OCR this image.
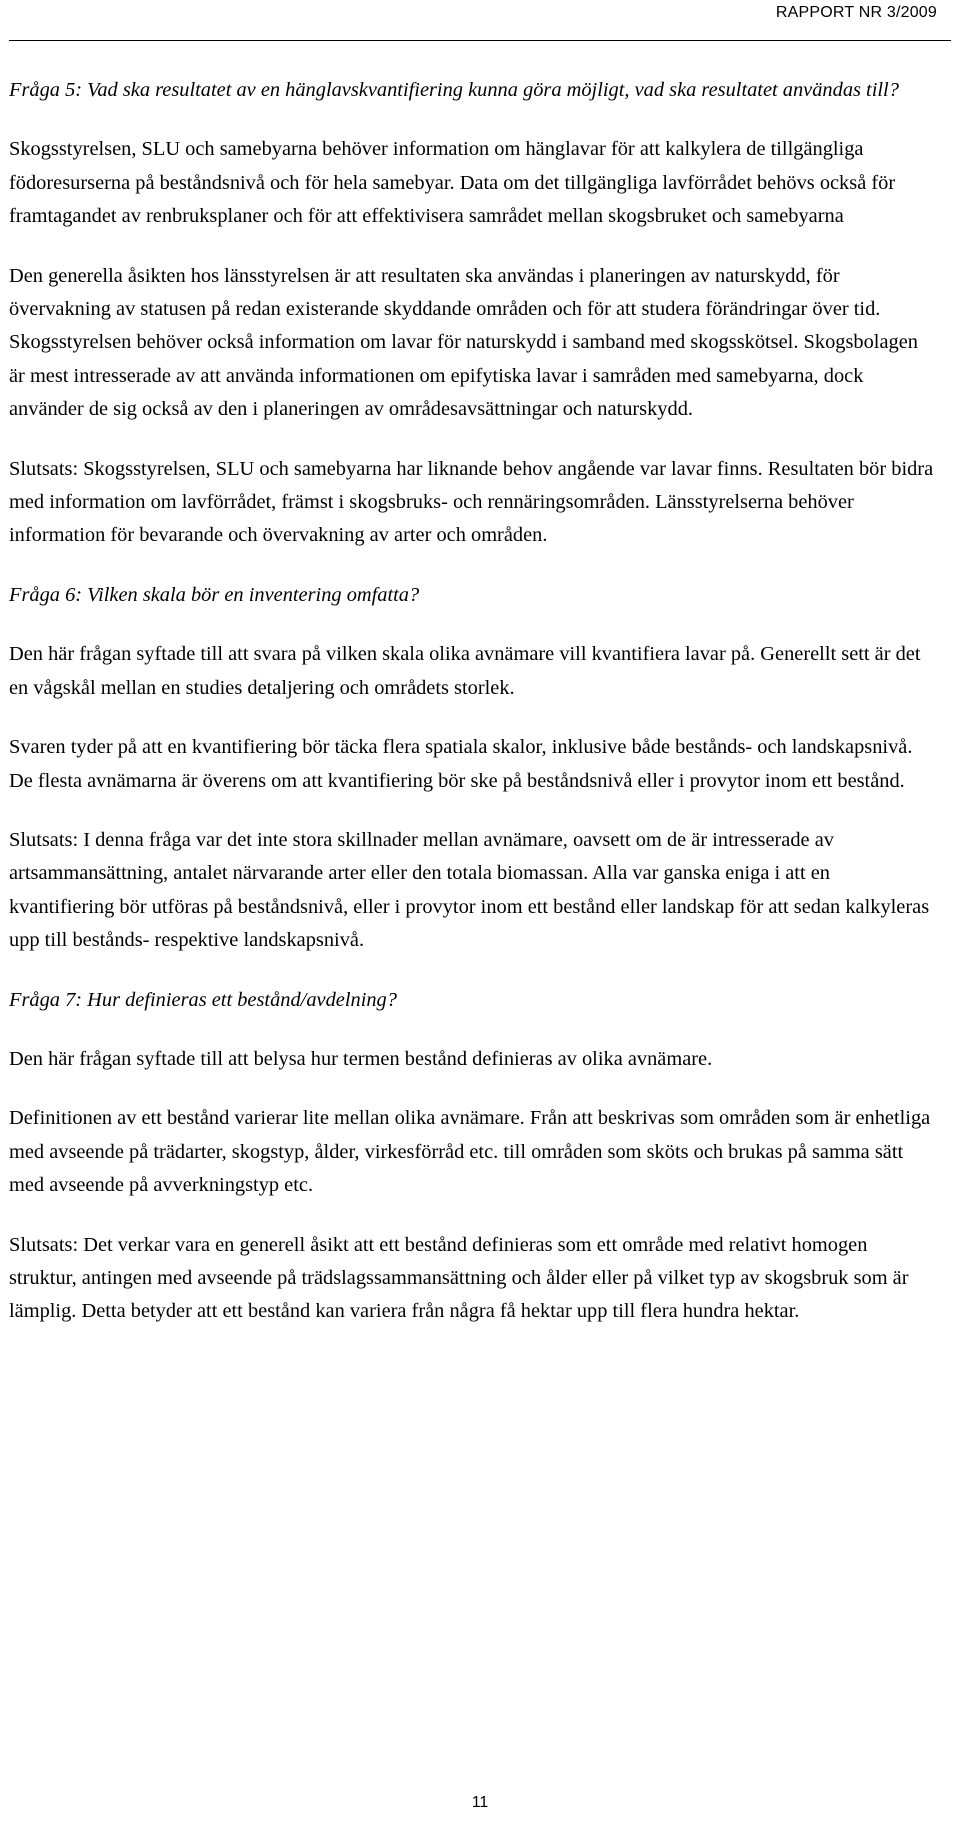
RAPPORT NR 3/2009

Fråga 5: Vad ska resultatet av en hänglavskvantifiering kunna göra möjligt, vad ska resultatet användas till?

Skogsstyrelsen, SLU och samebyarna behöver information om hänglavar för att kalkylera de tillgängliga födoresurserna på beståndsnivå och för hela samebyar. Data om det tillgängliga lavförrådet behövs också för framtagandet av renbruksplaner och för att effektivisera samrådet mellan skogsbruket och samebyarna

Den generella åsikten hos länsstyrelsen är att resultaten ska användas i planeringen av naturskydd, för övervakning av statusen på redan existerande skyddande områden och för att studera förändringar över tid. Skogsstyrelsen behöver också information om lavar för naturskydd i samband med skogsskötsel. Skogsbolagen är mest intresserade av att använda informationen om epifytiska lavar i samråden med samebyarna, dock använder de sig också av den i planeringen av områdesavsättningar och naturskydd.

Slutsats: Skogsstyrelsen, SLU och samebyarna har liknande behov angående var lavar finns. Resultaten bör bidra med information om lavförrådet, främst i skogsbruks- och rennäringsområden. Länsstyrelserna behöver information för bevarande och övervakning av arter och områden.

Fråga 6: Vilken skala bör en inventering omfatta?

Den här frågan syftade till att svara på vilken skala olika avnämare vill kvantifiera lavar på. Generellt sett är det en vågskål mellan en studies detaljering och områdets storlek.

Svaren tyder på att en kvantifiering bör täcka flera spatiala skalor, inklusive både bestånds- och landskapsnivå. De flesta avnämarna är överens om att kvantifiering bör ske på beståndsnivå eller i provytor inom ett bestånd.

Slutsats: I denna fråga var det inte stora skillnader mellan avnämare, oavsett om de är intresserade av artsammansättning, antalet närvarande arter eller den totala biomassan. Alla var ganska eniga i att en kvantifiering bör utföras på beståndsnivå, eller i provytor inom ett bestånd eller landskap för att sedan kalkyleras upp till bestånds- respektive landskapsnivå.

Fråga 7: Hur definieras ett bestånd/avdelning?

Den här frågan syftade till att belysa hur termen bestånd definieras av olika avnämare.

Definitionen av ett bestånd varierar lite mellan olika avnämare. Från att beskrivas som områden som är enhetliga med avseende på trädarter, skogstyp, ålder, virkesförråd etc. till områden som sköts och brukas på samma sätt med avseende på avverkningstyp etc.

Slutsats: Det verkar vara en generell åsikt att ett bestånd definieras som ett område med relativt homogen struktur, antingen med avseende på trädslagssammansättning och ålder eller på vilket typ av skogsbruk som är lämplig. Detta betyder att ett bestånd kan variera från några få hektar upp till flera hundra hektar.

11
